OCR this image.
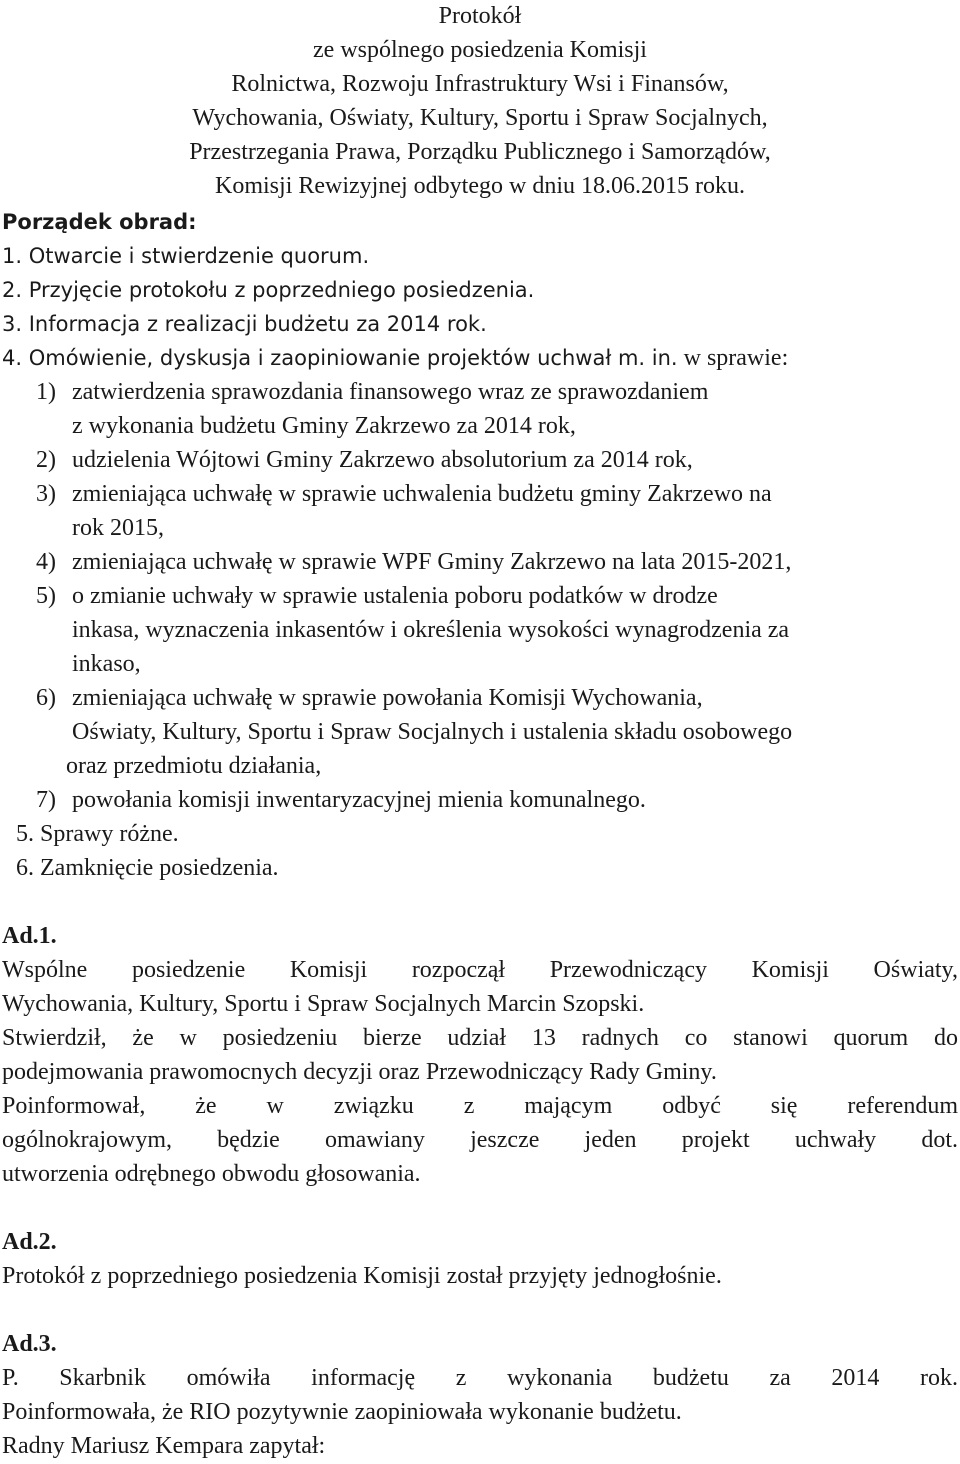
Protokół
ze wspólnego posiedzenia Komisji
Rolnictwa, Rozwoju Infrastruktury Wsi i Finansów,
Wychowania, Oświaty, Kultury, Sportu i Spraw Socjalnych,
Przestrzegania Prawa, Porządku Publicznego i Samorządów,
Komisji Rewizyjnej odbytego w dniu 18.06.2015 roku.
Porządek obrad:
1. Otwarcie i stwierdzenie quorum.
2. Przyjęcie protokołu z poprzedniego posiedzenia.
3. Informacja z realizacji budżetu za 2014 rok.
4. Omówienie, dyskusja i zaopiniowanie projektów uchwał m. in. w sprawie:
1) zatwierdzenia sprawozdania finansowego wraz ze sprawozdaniem
z wykonania budżetu Gminy Zakrzewo za 2014 rok,
2) udzielenia Wójtowi Gminy Zakrzewo absolutorium za 2014 rok,
3) zmieniająca uchwałę w sprawie uchwalenia budżetu gminy Zakrzewo na
rok 2015,
4) zmieniająca uchwałę w sprawie WPF Gminy Zakrzewo na lata 2015-2021,
5) o zmianie uchwały w sprawie ustalenia poboru podatków w drodze
inkasa, wyznaczenia inkasentów i określenia wysokości wynagrodzenia za
inkaso,
6) zmieniająca uchwałę w sprawie powołania Komisji Wychowania,
Oświaty, Kultury, Sportu i Spraw Socjalnych i ustalenia składu osobowego
oraz przedmiotu działania,
7) powołania komisji inwentaryzacyjnej mienia komunalnego.
5. Sprawy różne.
6. Zamknięcie posiedzenia.
Ad.1.
Wspólne posiedzenie Komisji rozpoczął Przewodniczący Komisji Oświaty,
Wychowania, Kultury, Sportu i Spraw Socjalnych Marcin Szopski.
Stwierdził, że w posiedzeniu bierze udział 13 radnych co stanowi quorum do
podejmowania prawomocnych decyzji oraz Przewodniczący Rady Gminy.
Poinformował, że w związku z mającym odbyć się referendum
ogólnokrajowym, będzie omawiany jeszcze jeden projekt uchwały dot.
utworzenia odrębnego obwodu głosowania.
Ad.2.
Protokół z poprzedniego posiedzenia Komisji został przyjęty jednogłośnie.
Ad.3.
P. Skarbnik omówiła informację z wykonania budżetu za 2014 rok.
Poinformowała, że RIO pozytywnie zaopiniowała wykonanie budżetu.
Radny Mariusz Kempara zapytał:
